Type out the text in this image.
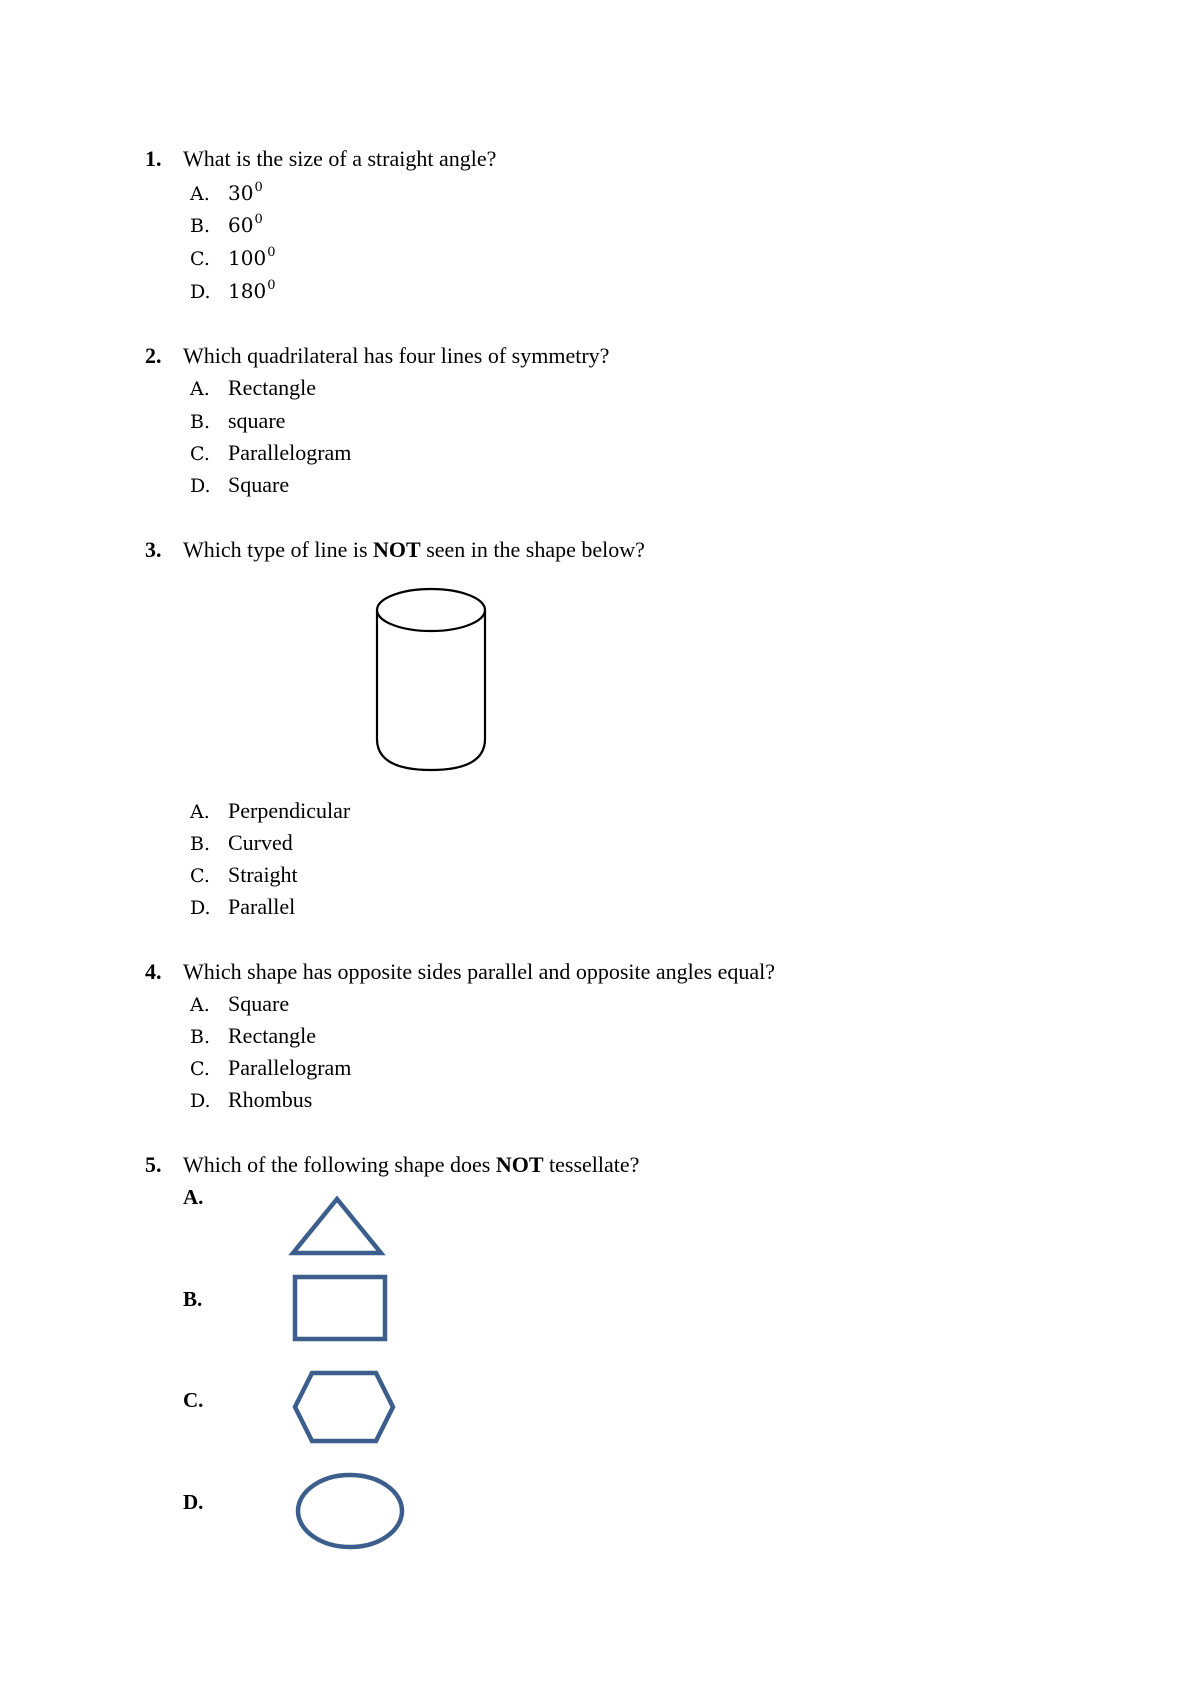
1. What is the size of a straight angle?
A. $30^0$
B. $60^0$
C. $100^0$
D. $180^0$
2. Which quadrilateral has four lines of symmetry?
A. Rectangle
B. square
C. Parallelogram
D. Square
3. Which type of line is NOT seen in the shape below?
A. Perpendicular
B. Curved
C. Straight
D. Parallel
4. Which shape has opposite sides parallel and opposite angles equal?
A. Square
B. Rectangle
C. Parallelogram
D. Rhombus
5. Which of the following shape does NOT tessellate?
A.
B.
C.
D.
